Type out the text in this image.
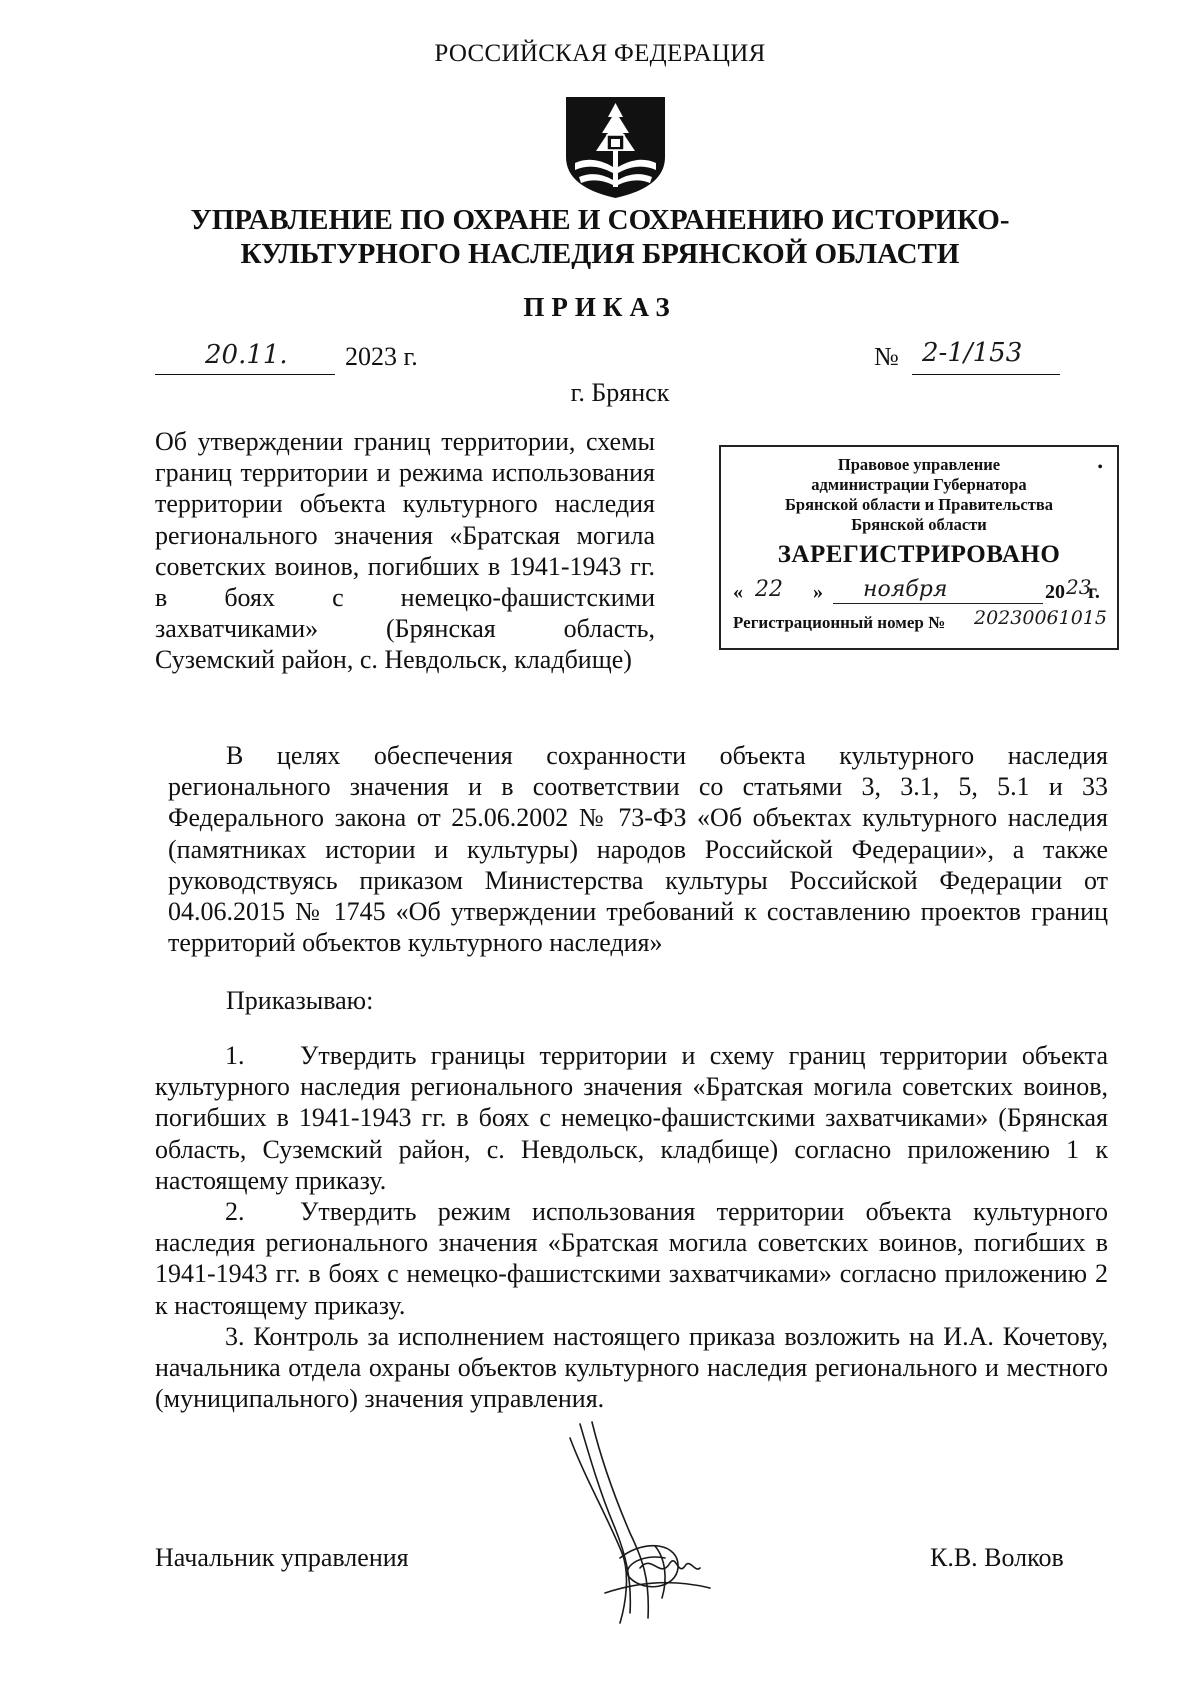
РОССИЙСКАЯ ФЕДЕРАЦИЯ
УПРАВЛЕНИЕ ПО ОХРАНЕ И СОХРАНЕНИЮ ИСТОРИКО-
КУЛЬТУРНОГО НАСЛЕДИЯ БРЯНСКОЙ ОБЛАСТИ
ПРИКАЗ
20.11. 2023 г.	№ 2-1/153
г. Брянск
Об утверждении границ территории, схемы границ территории и режима использования территории объекта культурного наследия регионального значения «Братская могила советских воинов, погибших в 1941-1943 гг. в боях с немецко-фашистскими захватчиками» (Брянская область, Суземский район, с. Невдольск, кладбище)
Правовое управление
администрации Губернатора
Брянской области и Правительства
Брянской области
•
ЗАРЕГИСТРИРОВАНО
« 22 » ноября	20 23
г.
Регистрационный номер № 20230061015
В целях обеспечения сохранности объекта культурного наследия регионального значения и в соответствии со статьями 3, 3.1, 5, 5.1 и 33 Федерального закона от 25.06.2002 № 73-ФЗ «Об объектах культурного наследия (памятниках истории и культуры) народов Российской Федерации», а также руководствуясь приказом Министерства культуры Российской Федерации от 04.06.2015 № 1745 «Об утверждении требований к составлению проектов границ территорий объектов культурного наследия»
Приказываю:
1. Утвердить границы территории и схему границ территории объекта культурного наследия регионального значения «Братская могила советских воинов, погибших в 1941-1943 гг. в боях с немецко-фашистскими захватчиками» (Брянская область, Суземский район, с. Невдольск, кладбище) согласно приложению 1 к настоящему приказу.
2. Утвердить режим использования территории объекта культурного наследия регионального значения «Братская могила советских воинов, погибших в 1941-1943 гг. в боях с немецко-фашистскими захватчиками» согласно приложению 2 к настоящему приказу.
3. Контроль за исполнением настоящего приказа возложить на И.А. Кочетову, начальника отдела охраны объектов культурного наследия регионального и местного (муниципального) значения управления.
Начальник управления	К.В. Волков
